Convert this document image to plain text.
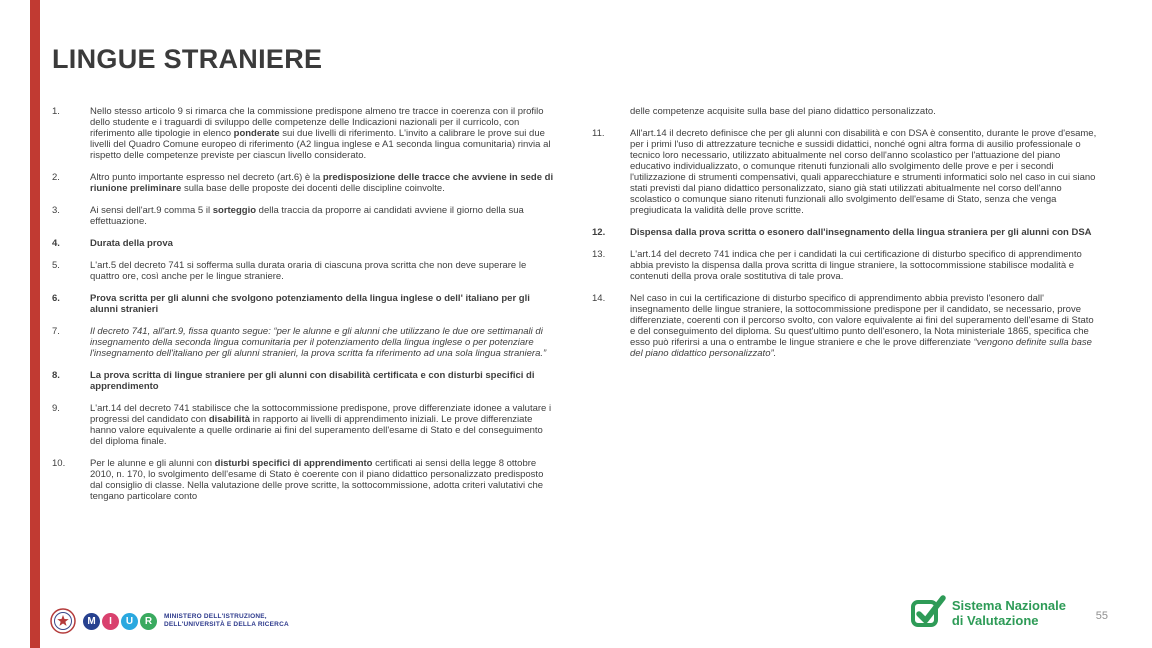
LINGUE STRANIERE
1.	Nello stesso articolo 9 si rimarca che la commissione predispone almeno tre tracce in coerenza con il profilo dello studente e i traguardi di sviluppo delle competenze delle Indicazioni nazionali per il curricolo, con riferimento alle tipologie in elenco ponderate sui due livelli di riferimento. L'invito a calibrare le prove sui due livelli del Quadro Comune europeo di riferimento (A2 lingua inglese e A1 seconda lingua comunitaria) rinvia al rispetto delle competenze previste per ciascun livello considerato.
2.	Altro punto importante espresso nel decreto (art.6) è la predisposizione delle tracce che avviene in sede di riunione preliminare sulla base delle proposte dei docenti delle discipline coinvolte.
3.	Ai sensi dell'art.9 comma 5 il sorteggio della traccia da proporre ai candidati avviene il giorno della sua effettuazione.
4.	Durata della prova
5.	L'art.5 del decreto 741 si sofferma sulla durata oraria di ciascuna prova scritta che non deve superare le quattro ore, così anche per le lingue straniere.
6.	Prova scritta per gli alunni che svolgono potenziamento della lingua inglese o dell' italiano per gli alunni stranieri
7.	Il decreto 741, all'art.9, fissa quanto segue: “per le alunne e gli alunni che utilizzano le due ore settimanali di insegnamento della seconda lingua comunitaria per il potenziamento della lingua inglese o per potenziare l'insegnamento dell'italiano per gli alunni stranieri, la prova scritta fa riferimento ad una sola lingua straniera.”
8.	La prova scritta di lingue straniere per gli alunni con disabilità certificata e con disturbi specifici di apprendimento
9.	L'art.14 del decreto 741 stabilisce che la sottocommissione predispone, prove differenziate idonee a valutare i progressi del candidato con disabilità in rapporto ai livelli di apprendimento iniziali. Le prove differenziate hanno valore equivalente a quelle ordinarie ai fini del superamento dell'esame di Stato e del conseguimento del diploma finale.
10.	Per le alunne e gli alunni con disturbi specifici di apprendimento certificati ai sensi della legge 8 ottobre 2010, n. 170, lo svolgimento dell'esame di Stato è coerente con il piano didattico personalizzato predisposto dal consiglio di classe. Nella valutazione delle prove scritte, la sottocommissione, adotta criteri valutativi che tengano particolare conto
delle competenze acquisite sulla base del piano didattico personalizzato.
11.	All'art.14 il decreto definisce che per gli alunni con disabilità e con DSA è consentito, durante le prove d'esame, per i primi l'uso di attrezzature tecniche e sussidi didattici, nonché ogni altra forma di ausilio professionale o tecnico loro necessario, utilizzato abitualmente nel corso dell'anno scolastico per l'attuazione del piano educativo individualizzato, o comunque ritenuti funzionali allo svolgimento delle prove e per i secondi l'utilizzazione di strumenti compensativi, quali apparecchiature e strumenti informatici solo nel caso in cui siano stati previsti dal piano didattico personalizzato, siano già stati utilizzati abitualmente nel corso dell'anno scolastico o comunque siano ritenuti funzionali allo svolgimento dell'esame di Stato, senza che venga pregiudicata la validità delle prove scritte.
12.	Dispensa dalla prova scritta o esonero dall'insegnamento della lingua straniera per gli alunni con DSA
13.	L'art.14 del decreto 741 indica che per i candidati la cui certificazione di disturbo specifico di apprendimento abbia previsto la dispensa dalla prova scritta di lingue straniere, la sottocommissione stabilisce modalità e contenuti della prova orale sostitutiva di tale prova.
14.	Nel caso in cui la certificazione di disturbo specifico di apprendimento abbia previsto l'esonero dall' insegnamento delle lingue straniere, la sottocommissione predispone per il candidato, se necessario, prove differenziate, coerenti con il percorso svolto, con valore equivalente ai fini del superamento dell'esame di Stato e del conseguimento del diploma. Su quest'ultimo punto dell'esonero, la Nota ministeriale 1865, specifica che esso può riferirsi a una o entrambe le lingue straniere e che le prove differenziate “vengono definite sulla base del piano didattico personalizzato”.
M	I	U	R	MINISTERO DELL'ISTRUZIONE,
DELL'UNIVERSITÀ E DELLA RICERCA
Sistema Nazionale
di Valutazione	55
